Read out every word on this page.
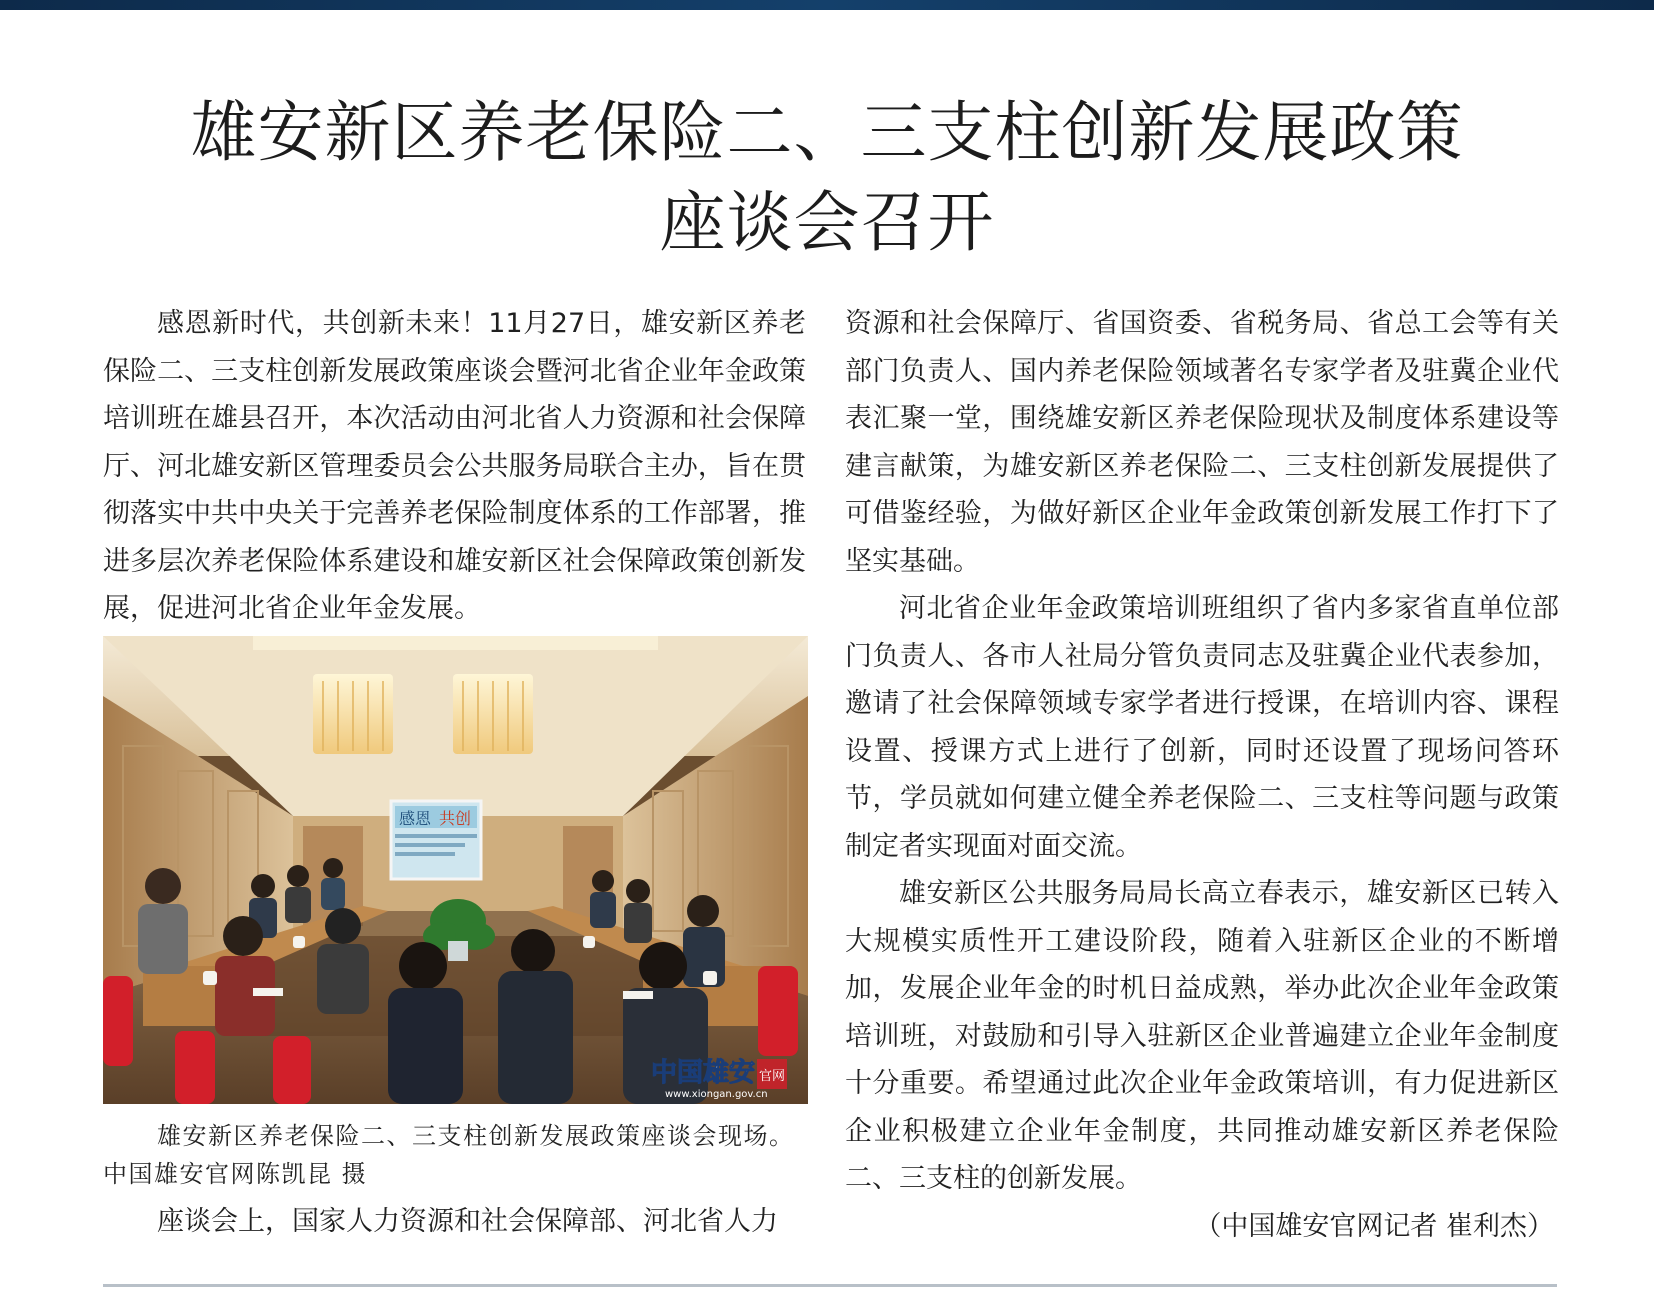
雄安新区养老保险二、三支柱创新发展政策
座谈会召开

感恩新时代，共创新未来！11月27日，雄安新区养老保险二、三支柱创新发展政策座谈会暨河北省企业年金政策培训班在雄县召开，本次活动由河北省人力资源和社会保障厅、河北雄安新区管理委员会公共服务局联合主办，旨在贯彻落实中共中央关于完善养老保险制度体系的工作部署，推进多层次养老保险体系建设和雄安新区社会保障政策创新发展，促进河北省企业年金发展。

感恩 共创
中国雄安 官网
www.xiongan.gov.cn

雄安新区养老保险二、三支柱创新发展政策座谈会现场。中国雄安官网陈凯昆 摄

座谈会上，国家人力资源和社会保障部、河北省人力

资源和社会保障厅、省国资委、省税务局、省总工会等有关部门负责人、国内养老保险领域著名专家学者及驻冀企业代表汇聚一堂，围绕雄安新区养老保险现状及制度体系建设等建言献策，为雄安新区养老保险二、三支柱创新发展提供了可借鉴经验，为做好新区企业年金政策创新发展工作打下了坚实基础。

河北省企业年金政策培训班组织了省内多家省直单位部门负责人、各市人社局分管负责同志及驻冀企业代表参加，邀请了社会保障领域专家学者进行授课，在培训内容、课程设置、授课方式上进行了创新，同时还设置了现场问答环节，学员就如何建立健全养老保险二、三支柱等问题与政策制定者实现面对面交流。

雄安新区公共服务局局长高立春表示，雄安新区已转入大规模实质性开工建设阶段，随着入驻新区企业的不断增加，发展企业年金的时机日益成熟，举办此次企业年金政策培训班，对鼓励和引导入驻新区企业普遍建立企业年金制度十分重要。希望通过此次企业年金政策培训，有力促进新区企业积极建立企业年金制度，共同推动雄安新区养老保险二、三支柱的创新发展。

（中国雄安官网记者 崔利杰）
